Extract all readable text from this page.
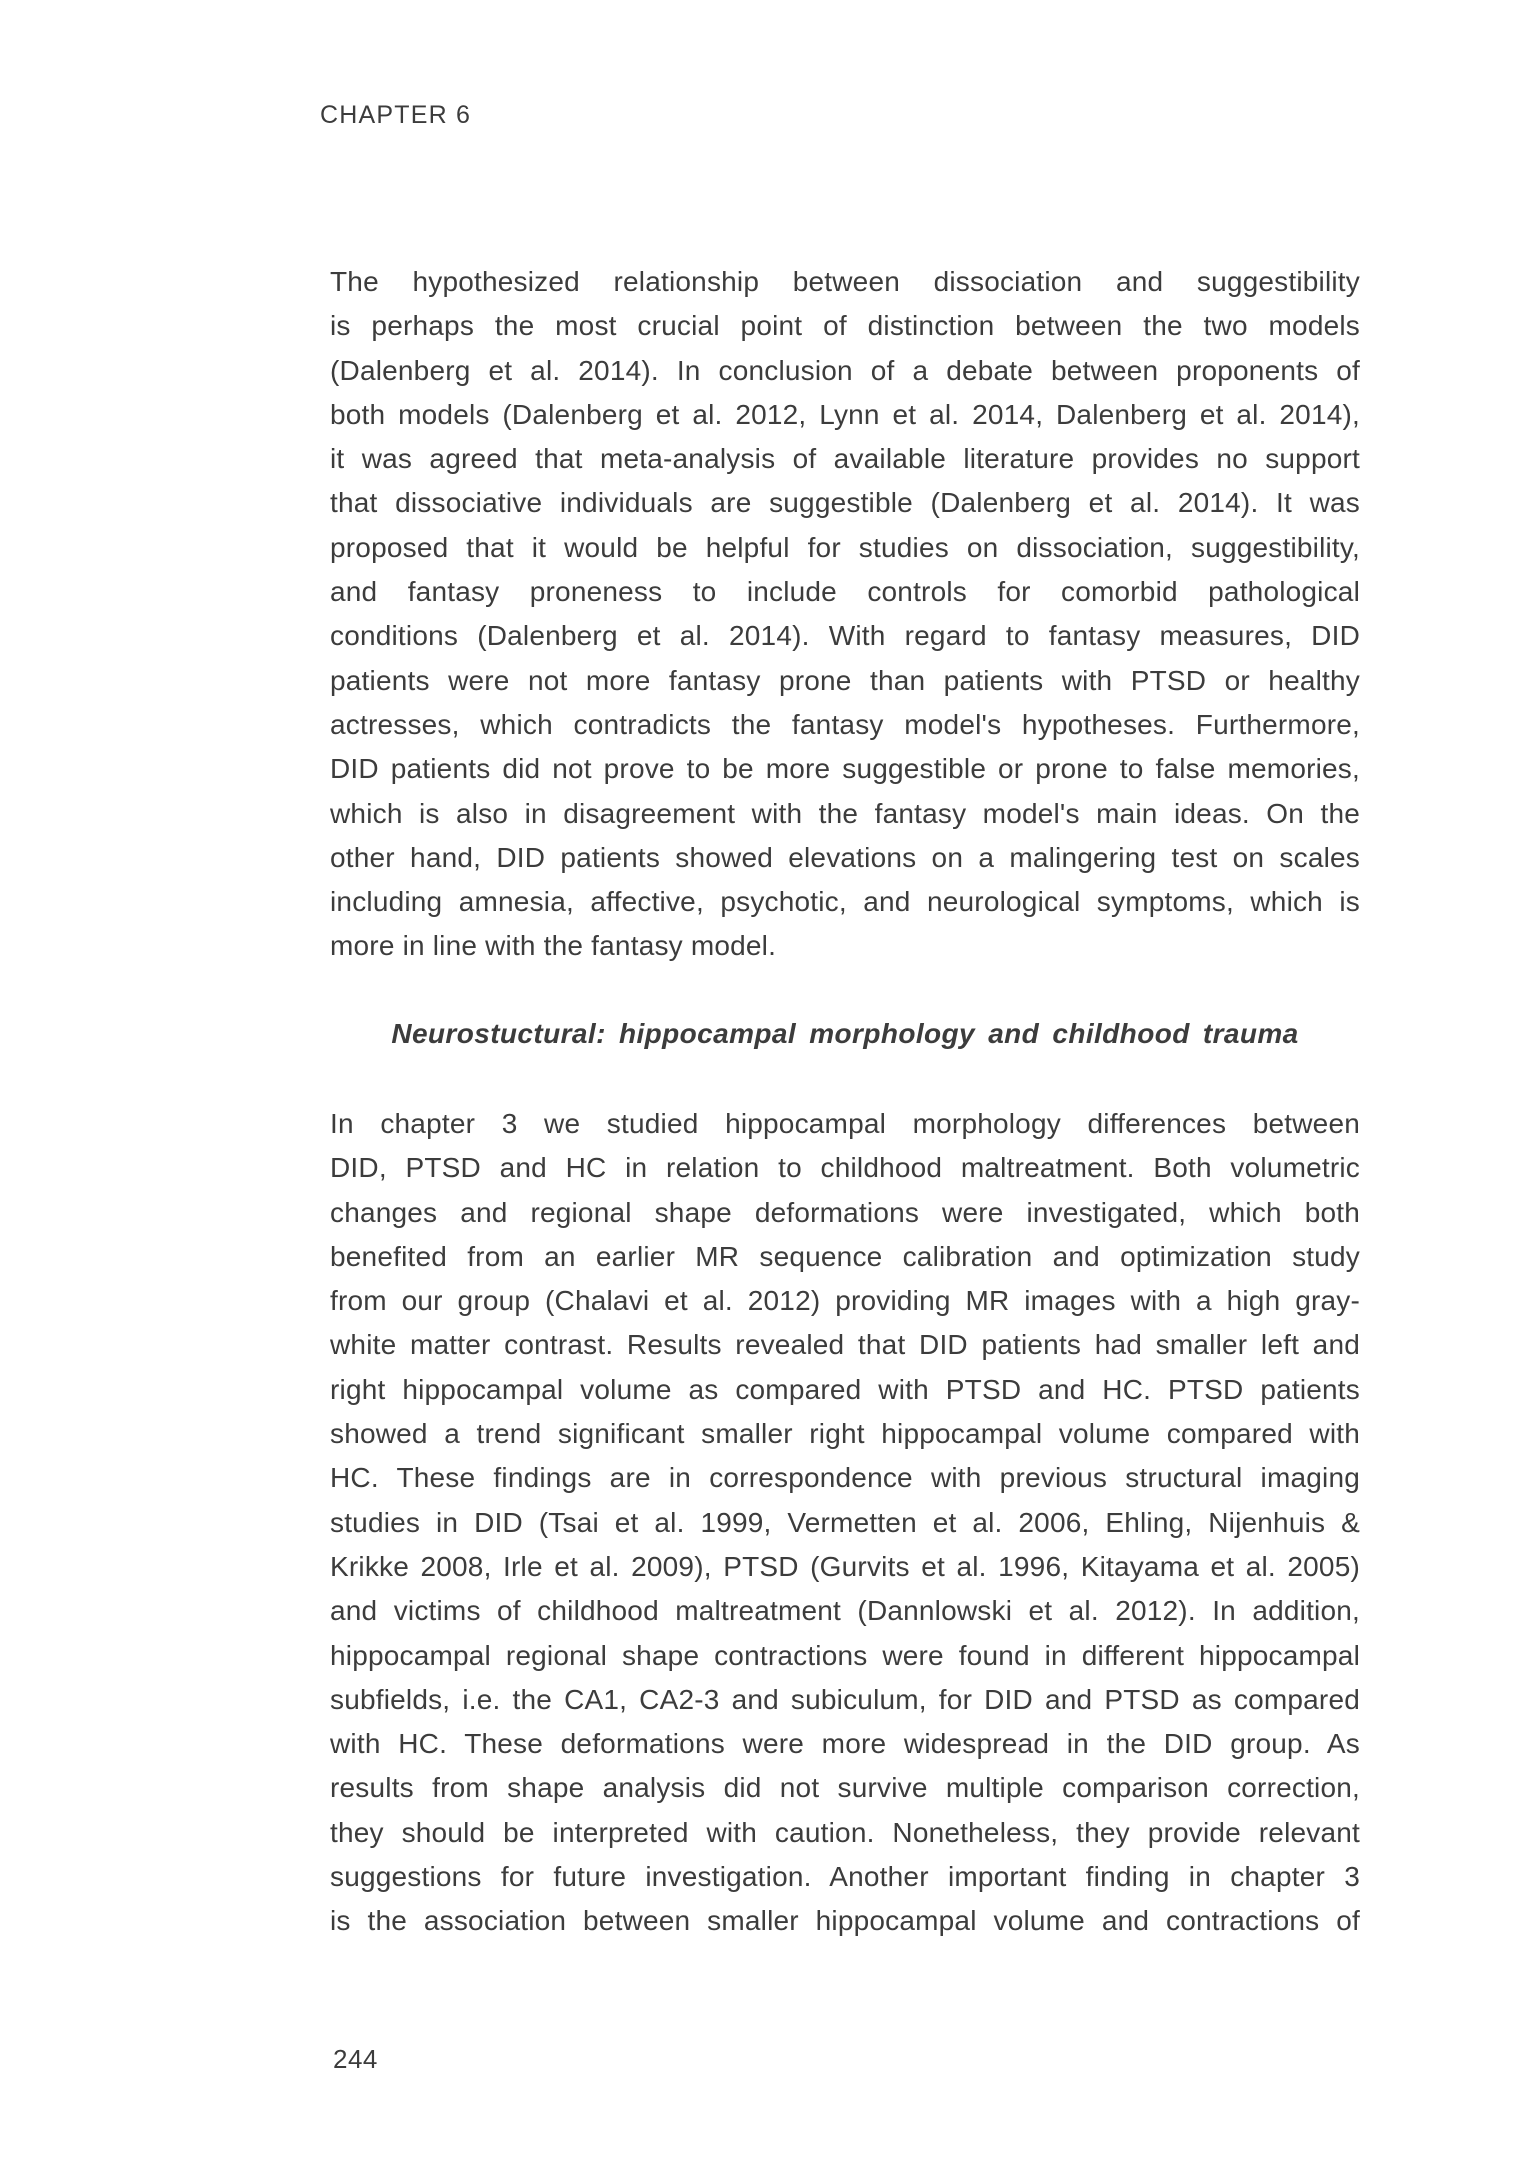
CHAPTER 6
The hypothesized relationship between dissociation and suggestibility
is perhaps the most crucial point of distinction between the two models
(Dalenberg et al. 2014). In conclusion of a debate between proponents of
both models (Dalenberg et al. 2012, Lynn et al. 2014, Dalenberg et al. 2014),
it was agreed that meta-analysis of available literature provides no support
that dissociative individuals are suggestible (Dalenberg et al. 2014). It was
proposed that it would be helpful for studies on dissociation, suggestibility,
and fantasy proneness to include controls for comorbid pathological
conditions (Dalenberg et al. 2014). With regard to fantasy measures, DID
patients were not more fantasy prone than patients with PTSD or healthy
actresses, which contradicts the fantasy model's hypotheses. Furthermore,
DID patients did not prove to be more suggestible or prone to false memories,
which is also in disagreement with the fantasy model's main ideas. On the
other hand, DID patients showed elevations on a malingering test on scales
including amnesia, affective, psychotic, and neurological symptoms, which is
more in line with the fantasy model.
Neurostuctural: hippocampal morphology and childhood trauma
In chapter 3 we studied hippocampal morphology differences between
DID, PTSD and HC in relation to childhood maltreatment. Both volumetric
changes and regional shape deformations were investigated, which both
benefited from an earlier MR sequence calibration and optimization study
from our group (Chalavi et al. 2012) providing MR images with a high gray-
white matter contrast. Results revealed that DID patients had smaller left and
right hippocampal volume as compared with PTSD and HC. PTSD patients
showed a trend significant smaller right hippocampal volume compared with
HC. These findings are in correspondence with previous structural imaging
studies in DID (Tsai et al. 1999, Vermetten et al. 2006, Ehling, Nijenhuis &
Krikke 2008, Irle et al. 2009), PTSD (Gurvits et al. 1996, Kitayama et al. 2005)
and victims of childhood maltreatment (Dannlowski et al. 2012). In addition,
hippocampal regional shape contractions were found in different hippocampal
subfields, i.e. the CA1, CA2-3 and subiculum, for DID and PTSD as compared
with HC. These deformations were more widespread in the DID group. As
results from shape analysis did not survive multiple comparison correction,
they should be interpreted with caution. Nonetheless, they provide relevant
suggestions for future investigation. Another important finding in chapter 3
is the association between smaller hippocampal volume and contractions of
244
